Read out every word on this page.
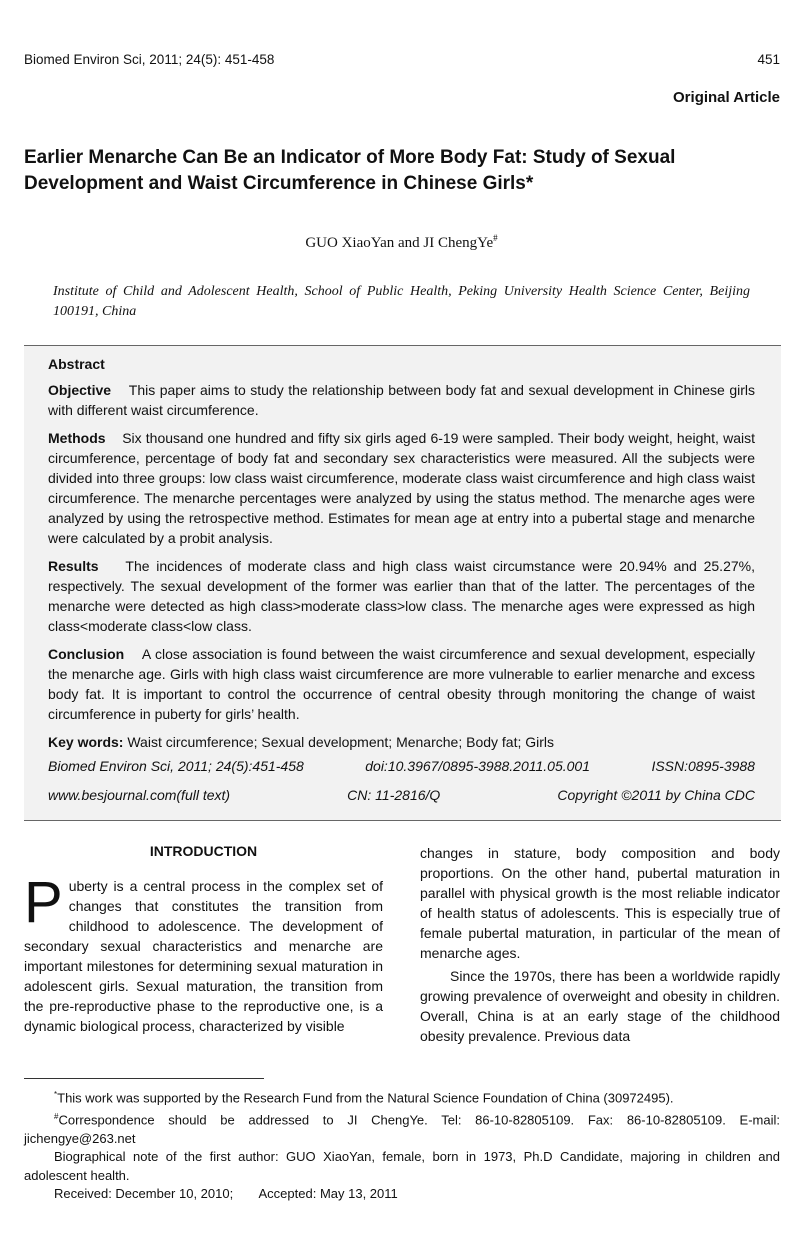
Biomed Environ Sci, 2011; 24(5): 451-458	451
Original Article
Earlier Menarche Can Be an Indicator of More Body Fat: Study of Sexual Development and Waist Circumference in Chinese Girls*
GUO XiaoYan and JI ChengYe#
Institute of Child and Adolescent Health, School of Public Health, Peking University Health Science Center, Beijing 100191, China

Abstract

Objective This paper aims to study the relationship between body fat and sexual development in Chinese girls with different waist circumference.

Methods Six thousand one hundred and fifty six girls aged 6-19 were sampled. Their body weight, height, waist circumference, percentage of body fat and secondary sex characteristics were measured. All the subjects were divided into three groups: low class waist circumference, moderate class waist circumference and high class waist circumference. The menarche percentages were analyzed by using the status method. The menarche ages were analyzed by using the retrospective method. Estimates for mean age at entry into a pubertal stage and menarche were calculated by a probit analysis.

Results The incidences of moderate class and high class waist circumstance were 20.94% and 25.27%, respectively. The sexual development of the former was earlier than that of the latter. The percentages of the menarche were detected as high class>moderate class>low class. The menarche ages were expressed as high class<moderate class<low class.

Conclusion A close association is found between the waist circumference and sexual development, especially the menarche age. Girls with high class waist circumference are more vulnerable to earlier menarche and excess body fat. It is important to control the occurrence of central obesity through monitoring the change of waist circumference in puberty for girls’ health.

Key words: Waist circumference; Sexual development; Menarche; Body fat; Girls

Biomed Environ Sci, 2011; 24(5):451-458	doi:10.3967/0895-3988.2011.05.001	ISSN:0895-3988
www.besjournal.com(full text)	CN: 11-2816/Q	Copyright ©2011 by China CDC
INTRODUCTION
Puberty is a central process in the complex set of changes that constitutes the transition from childhood to adolescence. The development of secondary sexual characteristics and menarche are important milestones for determining sexual maturation in adolescent girls. Sexual maturation, the transition from the pre-reproductive phase to the reproductive one, is a dynamic biological process, characterized by visible

changes in stature, body composition and body proportions. On the other hand, pubertal maturation in parallel with physical growth is the most reliable indicator of health status of adolescents. This is especially true of female pubertal maturation, in particular of the mean of menarche ages.

Since the 1970s, there has been a worldwide rapidly growing prevalence of overweight and obesity in children. Overall, China is at an early stage of the childhood obesity prevalence. Previous data

*This work was supported by the Research Fund from the Natural Science Foundation of China (30972495).

#Correspondence should be addressed to JI ChengYe. Tel: 86-10-82805109. Fax: 86-10-82805109. E-mail: jichengye@263.net

Biographical note of the first author: GUO XiaoYan, female, born in 1973, Ph.D Candidate, majoring in children and adolescent health.

Received: December 10, 2010; Accepted: May 13, 2011
